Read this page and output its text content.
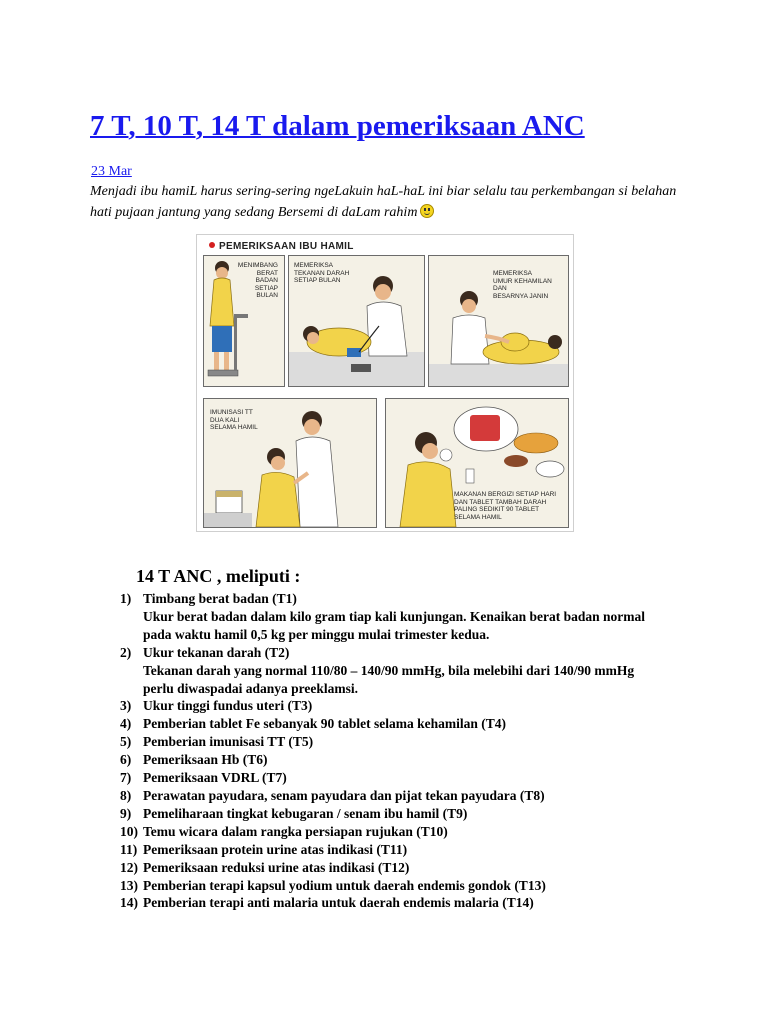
7 T, 10 T, 14 T dalam pemeriksaan ANC
23 Mar
Menjadi ibu hamiL harus sering-sering ngeLakuin haL-haL ini biar selalu tau perkembangan si belahan hati pujaan jantung yang sedang Bersemi di daLam rahim
PEMERIKSAAN IBU HAMIL
MENIMBANG
BERAT
BADAN
SETIAP
BULAN
MEMERIKSA
TEKANAN DARAH
SETIAP BULAN
MEMERIKSA
UMUR KEHAMILAN
DAN
BESARNYA JANIN
IMUNISASI TT
DUA KALI
SELAMA HAMIL
MAKANAN BERGIZI SETIAP HARI
DAN TABLET TAMBAH DARAH
PALING SEDIKIT 90 TABLET
SELAMA HAMIL
14 T ANC , meliputi :
1) Timbang berat badan (T1)
Ukur berat badan dalam kilo gram tiap kali kunjungan. Kenaikan berat badan normal pada waktu hamil 0,5 kg per minggu mulai trimester kedua.
2) Ukur tekanan darah (T2)
Tekanan darah yang normal 110/80 – 140/90 mmHg, bila melebihi dari 140/90 mmHg perlu diwaspadai adanya preeklamsi.
3) Ukur tinggi fundus uteri (T3)
4) Pemberian tablet Fe sebanyak 90 tablet selama kehamilan (T4)
5) Pemberian imunisasi TT (T5)
6) Pemeriksaan Hb (T6)
7) Pemeriksaan VDRL (T7)
8) Perawatan payudara, senam payudara dan pijat tekan payudara (T8)
9) Pemeliharaan tingkat kebugaran / senam ibu hamil (T9)
10) Temu wicara dalam rangka persiapan rujukan (T10)
11) Pemeriksaan protein urine atas indikasi (T11)
12) Pemeriksaan reduksi urine atas indikasi (T12)
13) Pemberian terapi kapsul yodium untuk daerah endemis gondok (T13)
14) Pemberian terapi anti malaria untuk daerah endemis malaria (T14)
